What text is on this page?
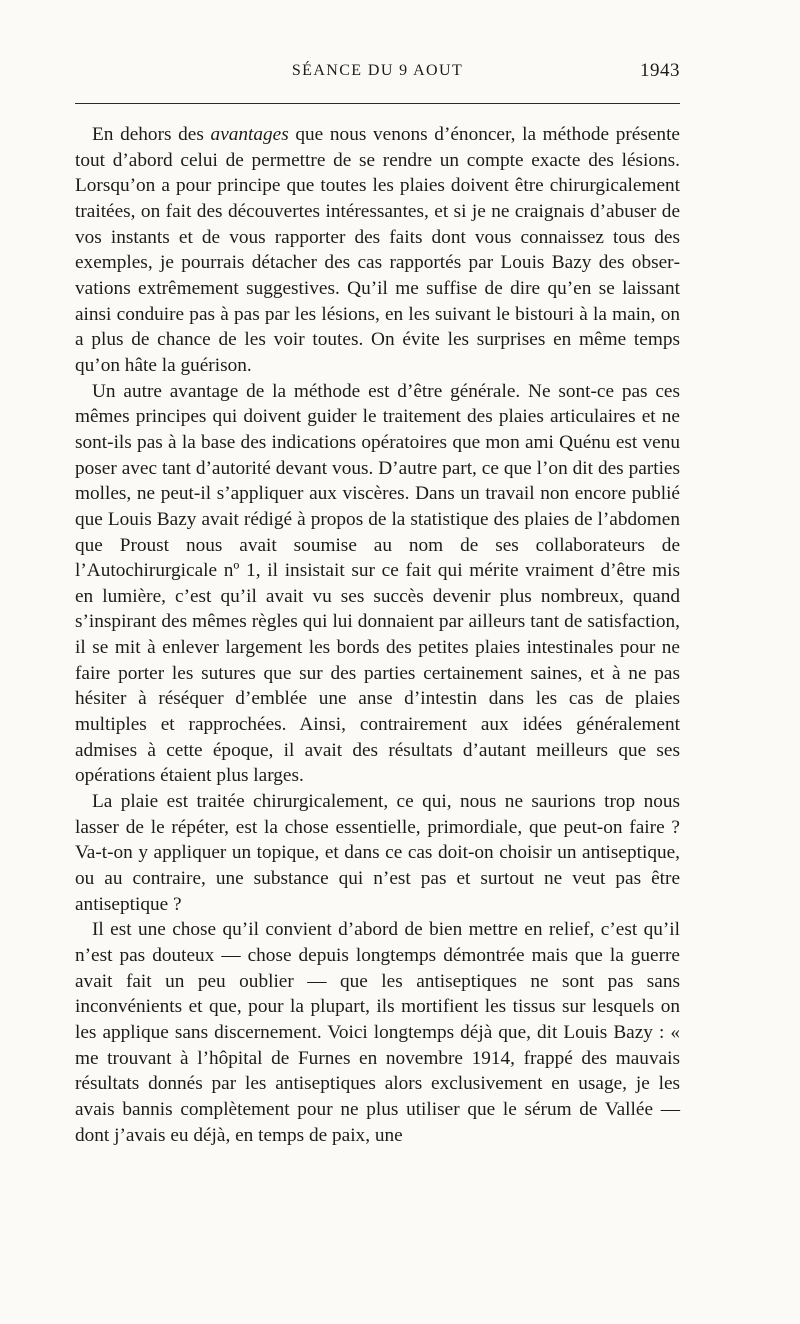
SÉANCE DU 9 AOUT	1943

En dehors des avantages que nous venons d’énoncer, la méthode présente tout d’abord celui de permettre de se rendre un compte exacte des lésions. Lorsqu’on a pour principe que toutes les plaies doivent être chirurgicalement traitées, on fait des découvertes intéressantes, et si je ne craignais d’abuser de vos instants et de vous rapporter des faits dont vous connaissez tous des exemples, je pourrais détacher des cas rapportés par Louis Bazy des observations extrêmement suggestives. Qu’il me suffise de dire qu’en se laissant ainsi conduire pas à pas par les lésions, en les suivant le bistouri à la main, on a plus de chance de les voir toutes. On évite les surprises en même temps qu’on hâte la guérison.

Un autre avantage de la méthode est d’être générale. Ne sont-ce pas ces mêmes principes qui doivent guider le traitement des plaies articulaires et ne sont-ils pas à la base des indications opératoires que mon ami Quénu est venu poser avec tant d’autorité devant vous. D’autre part, ce que l’on dit des parties molles, ne peut-il s’appliquer aux viscères. Dans un travail non encore publié que Louis Bazy avait rédigé à propos de la statistique des plaies de l’abdomen que Proust nous avait soumise au nom de ses collaborateurs de l’Autochirurgicale nº 1, il insistait sur ce fait qui mérite vraiment d’être mis en lumière, c’est qu’il avait vu ses succès devenir plus nombreux, quand s’inspirant des mêmes règles qui lui donnaient par ailleurs tant de satisfaction, il se mit à enlever largement les bords des petites plaies intestinales pour ne faire porter les sutures que sur des parties certainement saines, et à ne pas hésiter à réséquer d’emblée une anse d’intestin dans les cas de plaies multiples et rapprochées. Ainsi, contrairement aux idées généralement admises à cette époque, il avait des résultats d’autant meilleurs que ses opérations étaient plus larges.

La plaie est traitée chirurgicalement, ce qui, nous ne saurions trop nous lasser de le répéter, est la chose essentielle, primordiale, que peut-on faire ? Va-t-on y appliquer un topique, et dans ce cas doit-on choisir un antiseptique, ou au contraire, une substance qui n’est pas et surtout ne veut pas être antiseptique ?

Il est une chose qu’il convient d’abord de bien mettre en relief, c’est qu’il n’est pas douteux — chose depuis longtemps démontrée mais que la guerre avait fait un peu oublier — que les antiseptiques ne sont pas sans inconvénients et que, pour la plupart, ils mortifient les tissus sur lesquels on les applique sans discernement. Voici longtemps déjà que, dit Louis Bazy : « me trouvant à l’hôpital de Furnes en novembre 1914, frappé des mauvais résultats donnés par les antiseptiques alors exclusivement en usage, je les avais bannis complètement pour ne plus utiliser que le sérum de Vallée — dont j’avais eu déjà, en temps de paix, une
